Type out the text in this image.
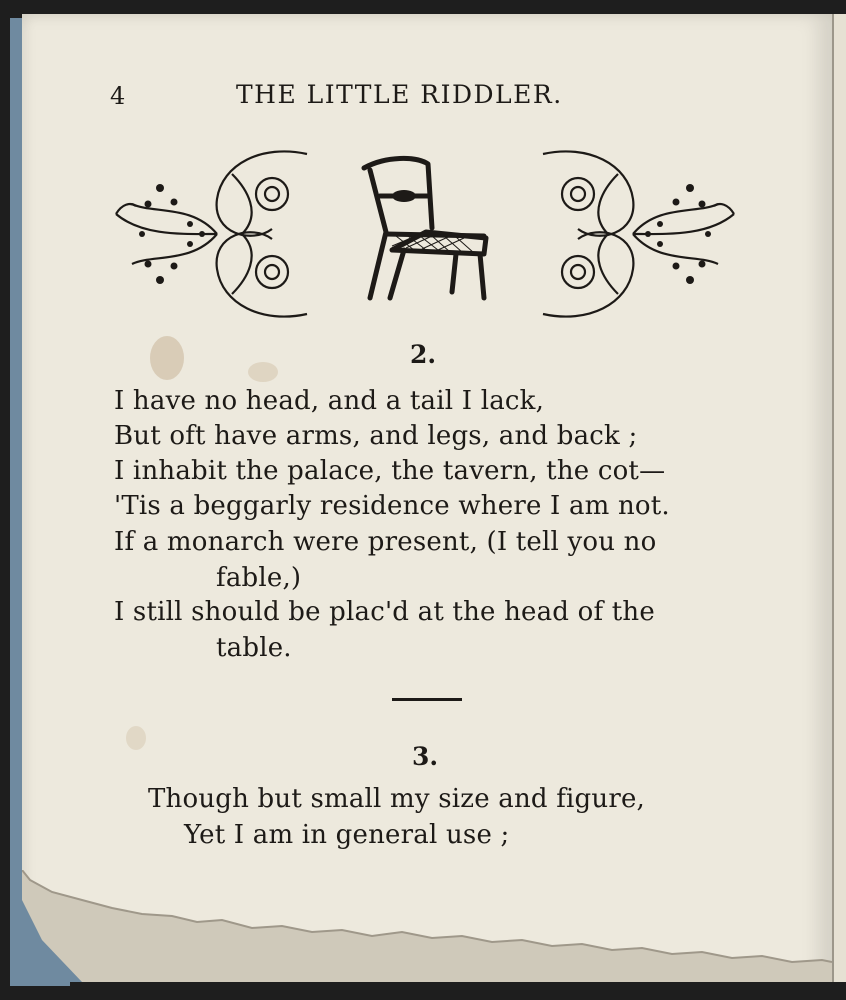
4	THE LITTLE RIDDLER.
2.
I have no head, and a tail I lack,
But oft have arms, and legs, and back ;
I inhabit the palace, the tavern, the cot—
'Tis a beggarly residence where I am not.
If a monarch were present, (I tell you no
fable,)
I still should be plac'd at the head of the
table.
3.
Though but small my size and figure,
Yet I am in general use ;
